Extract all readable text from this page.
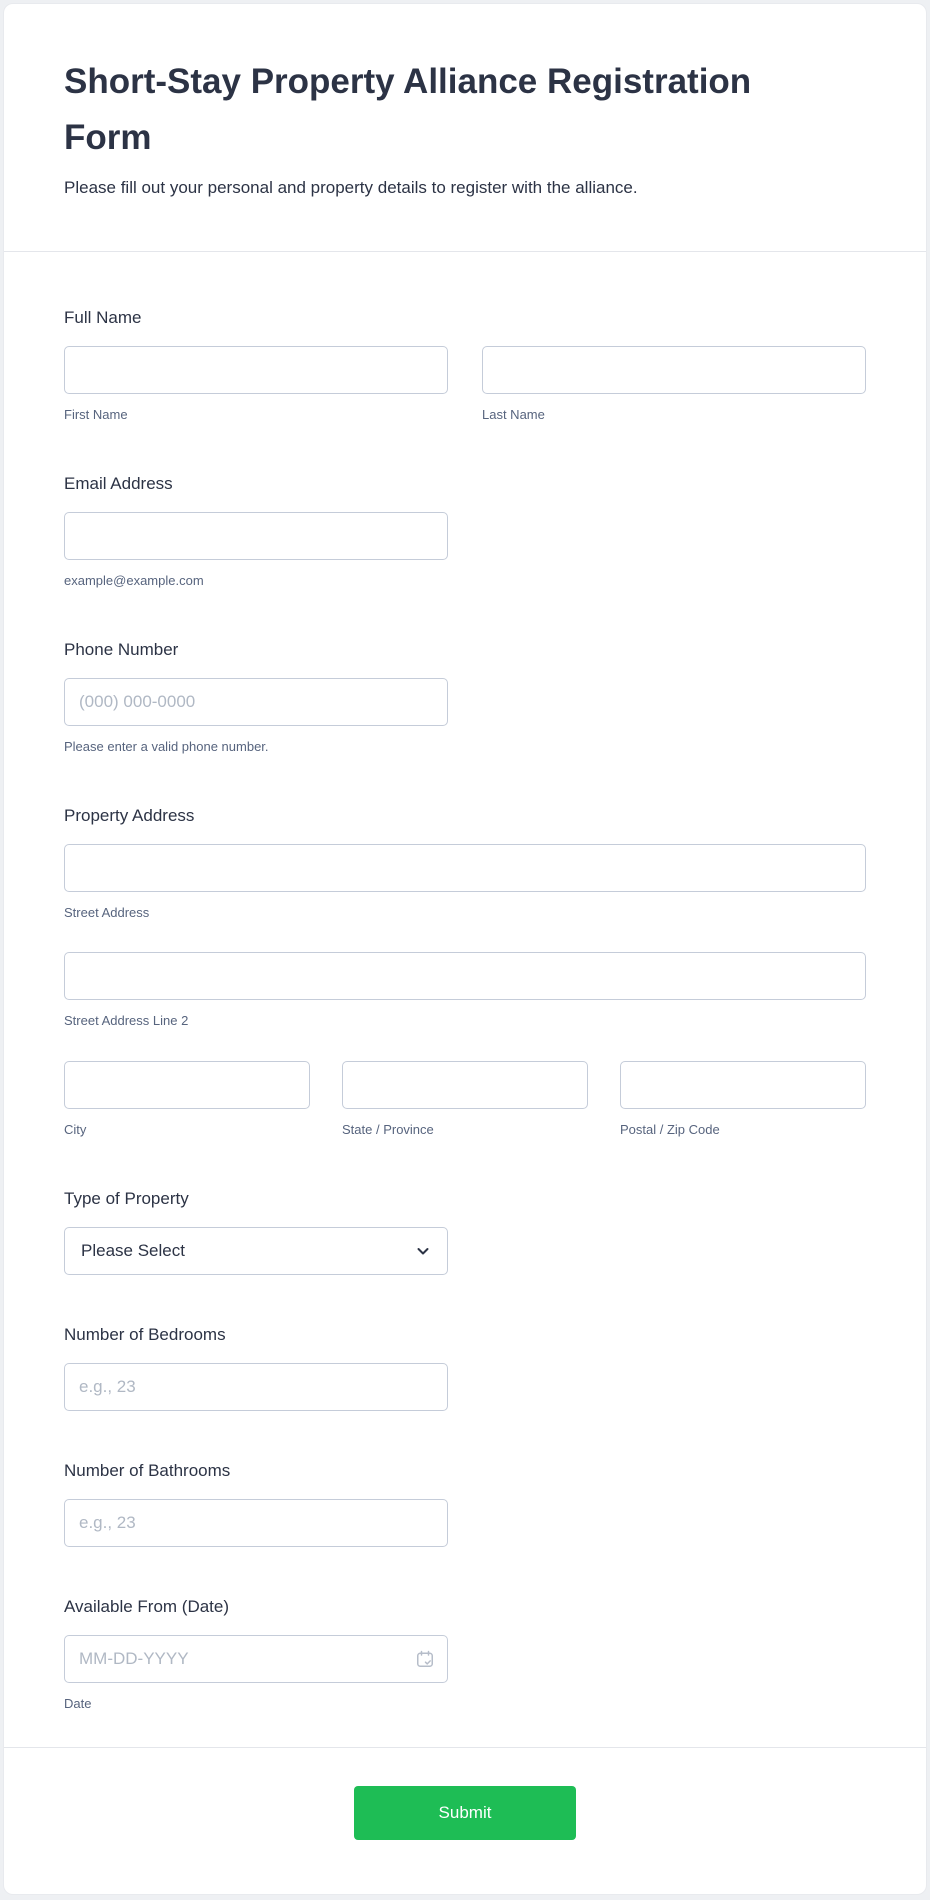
Short-Stay Property Alliance Registration Form
Please fill out your personal and property details to register with the alliance.
Full Name
First Name	Last Name
Email Address
example@example.com
Phone Number
(000) 000-0000
Please enter a valid phone number.
Property Address
Street Address
Street Address Line 2
City	State / Province	Postal / Zip Code
Type of Property
Please Select
Number of Bedrooms
e.g., 23
Number of Bathrooms
e.g., 23
Available From (Date)
MM-DD-YYYY
Date
Submit
